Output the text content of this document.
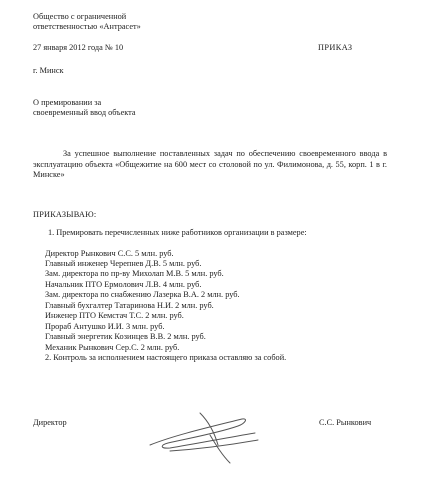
Общество с ограниченной
ответственностью «Антрасет»
27 января 2012 года № 10	ПРИКАЗ
г. Минск
О премировании за
своевременный ввод объекта
За успешное выполнение поставленных задач по обеспечению своевременного ввода в эксплуатацию объекта «Общежитие на 600 мест со столовой по ул. Филимонова, д. 55, корп. 1 в г. Минске»
ПРИКАЗЫВАЮ:
1. Премировать перечисленных ниже работников организации в размере:
Директор Рынкович С.С. 5 млн. руб.
Главный инженер Черепнев Д.В. 5 млн. руб.
Зам. директора по пр-ву Михолап М.В. 5 млн. руб.
Начальник ПТО Ермолович Л.В. 4 млн. руб.
Зам. директора по снабжению Лазерка В.А. 2 млн. руб.
Главный бухгалтер Татаринова Н.И. 2 млн. руб.
Инженер ПТО Кемстач Т.С. 2 млн. руб.
Прораб Антушко И.И. 3 млн. руб.
Главный энергетик Козинцев В.В. 2 млн. руб.
Механик Рынкович Сер.С. 2 млн. руб.
2. Контроль за исполнением настоящего приказа оставляю за собой.
Директор	С.С. Рынкович
